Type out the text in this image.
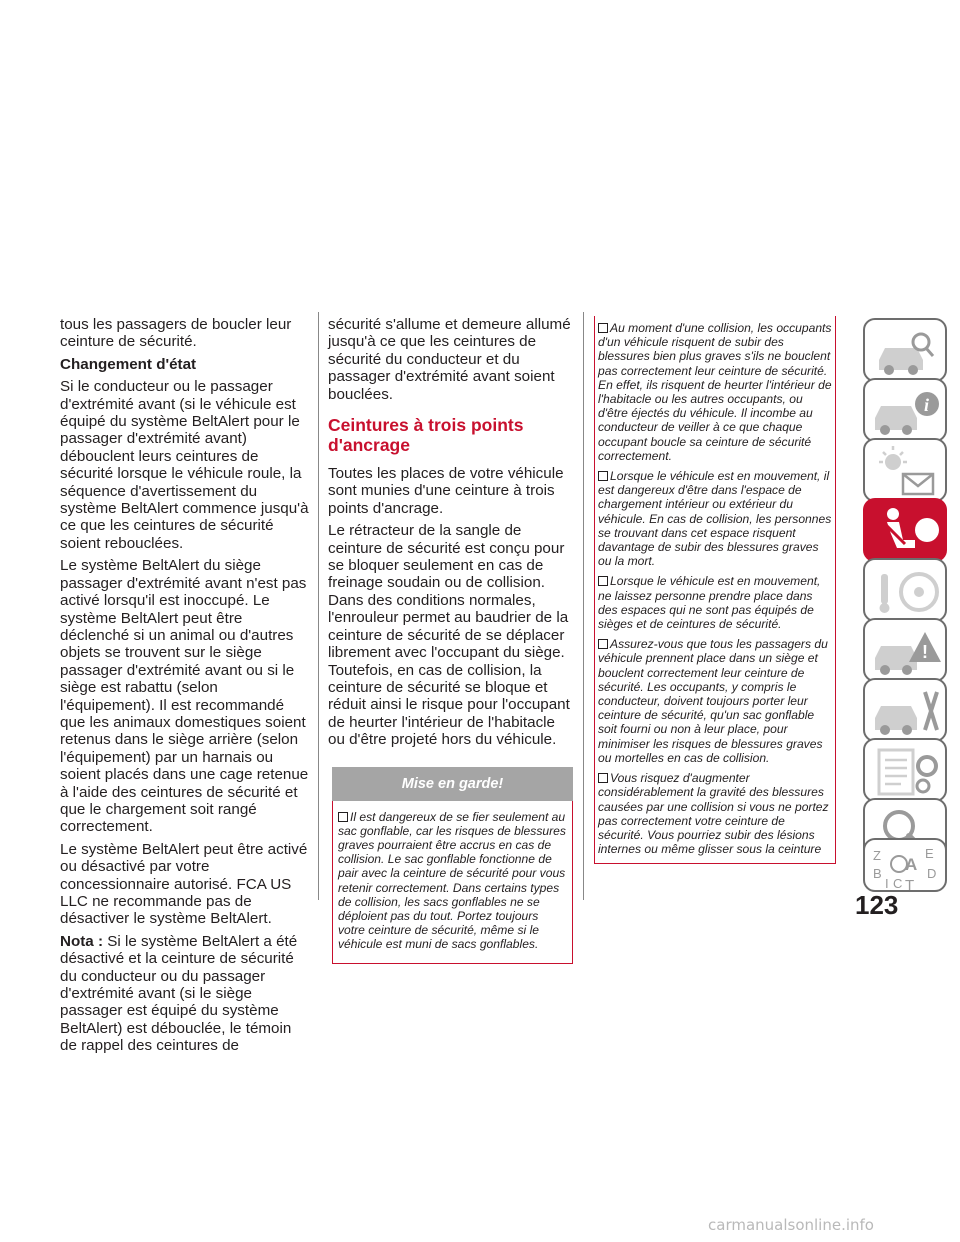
tous les passagers de boucler leur ceinture de sécurité.

Changement d'état

Si le conducteur ou le passager d'extrémité avant (si le véhicule est équipé du système BeltAlert pour le passager d'extrémité avant) débouclent leurs ceintures de sécurité lorsque le véhicule roule, la séquence d'avertissement du système BeltAlert commence jusqu'à ce que les ceintures de sécurité soient rebouclées.

Le système BeltAlert du siège passager d'extrémité avant n'est pas activé lorsqu'il est inoccupé. Le système BeltAlert peut être déclenché si un animal ou d'autres objets se trouvent sur le siège passager d'extrémité avant ou si le siège est rabattu (selon l'équipement). Il est recommandé que les animaux domestiques soient retenus dans le siège arrière (selon l'équipement) par un harnais ou soient placés dans une cage retenue à l'aide des ceintures de sécurité et que le chargement soit rangé correctement.

Le système BeltAlert peut être activé ou désactivé par votre concessionnaire autorisé. FCA US LLC ne recommande pas de désactiver le système BeltAlert.

Nota : Si le système BeltAlert a été désactivé et la ceinture de sécurité du conducteur ou du passager d'extrémité avant (si le siège passager est équipé du système BeltAlert) est débouclée, le témoin de rappel des ceintures de

sécurité s'allume et demeure allumé jusqu'à ce que les ceintures de sécurité du conducteur et du passager d'extrémité avant soient bouclées.

Ceintures à trois points d'ancrage

Toutes les places de votre véhicule sont munies d'une ceinture à trois points d'ancrage.

Le rétracteur de la sangle de ceinture de sécurité est conçu pour se bloquer seulement en cas de freinage soudain ou de collision. Dans des conditions normales, l'enrouleur permet au baudrier de la ceinture de sécurité de se déplacer librement avec l'occupant du siège. Toutefois, en cas de collision, la ceinture de sécurité se bloque et réduit ainsi le risque pour l'occupant de heurter l'intérieur de l'habitacle ou d'être projeté hors du véhicule.

Mise en garde!

Il est dangereux de se fier seulement au sac gonflable, car les risques de blessures graves pourraient être accrus en cas de collision. Le sac gonflable fonctionne de pair avec la ceinture de sécurité pour vous retenir correctement. Dans certains types de collision, les sacs gonflables ne se déploient pas du tout. Portez toujours votre ceinture de sécurité, même si le véhicule est muni de sacs gonflables.

Au moment d'une collision, les occupants d'un véhicule risquent de subir des blessures bien plus graves s'ils ne bouclent pas correctement leur ceinture de sécurité. En effet, ils risquent de heurter l'intérieur de l'habitacle ou les autres occupants, ou d'être éjectés du véhicule. Il incombe au conducteur de veiller à ce que chaque occupant boucle sa ceinture de sécurité correctement.

Lorsque le véhicule est en mouvement, il est dangereux d'être dans l'espace de chargement intérieur ou extérieur du véhicule. En cas de collision, les personnes se trouvant dans cet espace risquent davantage de subir des blessures graves ou la mort.

Lorsque le véhicule est en mouvement, ne laissez personne prendre place dans des espaces qui ne sont pas équipés de sièges et de ceintures de sécurité.

Assurez-vous que tous les passagers du véhicule prennent place dans un siège et bouclent correctement leur ceinture de sécurité. Les occupants, y compris le conducteur, doivent toujours porter leur ceinture de sécurité, qu'un sac gonflable soit fourni ou non à leur place, pour minimiser les risques de blessures graves ou mortelles en cas de collision.

Vous risquez d'augmenter considérablement la gravité des blessures causées par une collision si vous ne portez pas correctement votre ceinture de sécurité. Vous pourriez subir des lésions internes ou même glisser sous la ceinture

i
!
Z	E
A
B	D
I C T
123
carmanualsonline.info
